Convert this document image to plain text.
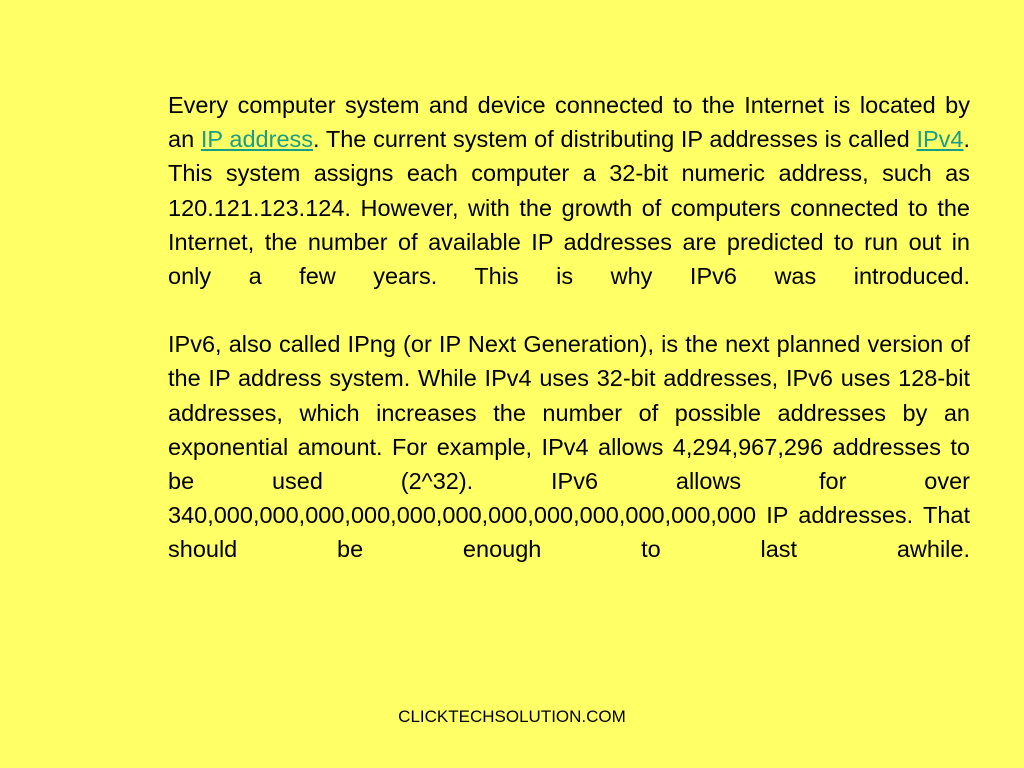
Every computer system and device connected to the Internet is located by an IP address. The current system of distributing IP addresses is called IPv4. This system assigns each computer a 32-bit numeric address, such as 120.121.123.124. However, with the growth of computers connected to the Internet, the number of available IP addresses are predicted to run out in only a few years. This is why IPv6 was introduced.

IPv6, also called IPng (or IP Next Generation), is the next planned version of the IP address system. While IPv4 uses 32-bit addresses, IPv6 uses 128-bit addresses, which increases the number of possible addresses by an exponential amount. For example, IPv4 allows 4,294,967,296 addresses to be used (2^32). IPv6 allows for over 340,000,000,000,000,000,000,000,000,000,000,000,000 IP addresses. That should be enough to last awhile.

CLICKTECHSOLUTION.COM
